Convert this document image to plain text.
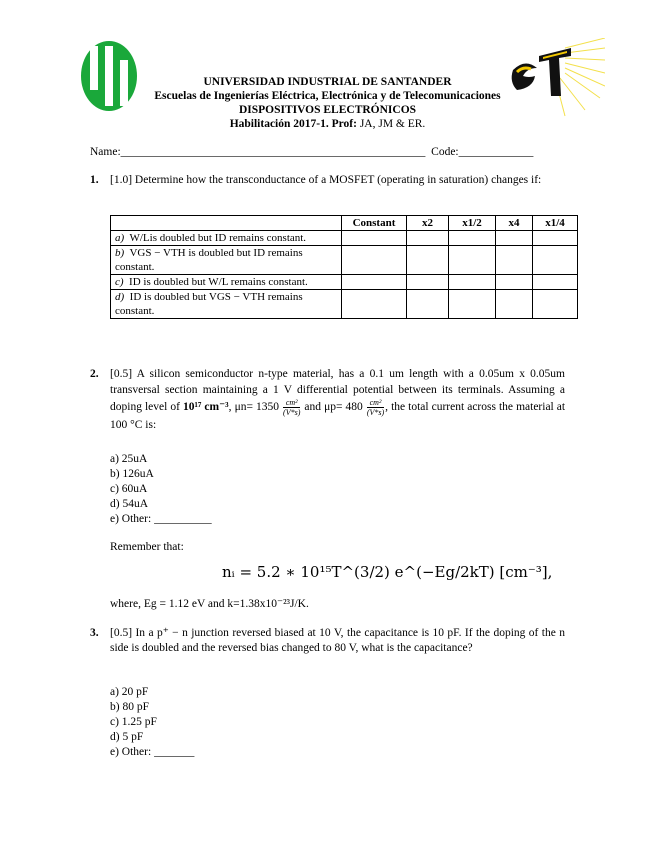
UNIVERSIDAD INDUSTRIAL DE SANTANDER
Escuelas de Ingenierías Eléctrica, Electrónica y de Telecomunicaciones
DISPOSITIVOS ELECTRÓNICOS
Habilitación 2017-1. Prof: JA, JM & ER.
Name:_____________________________________________________ Code:_____________
1. [1.0] Determine how the transconductance of a MOSFET (operating in saturation) changes if:
	Constant	x2	x1/2	x4	x1/4
a) W/Lis doubled but ID remains constant.					
b) VGS − VTH is doubled but ID remains constant.					
c) ID is doubled but W/L remains constant.					
d) ID is doubled but VGS − VTH remains constant.					
2. [0.5] A silicon semiconductor n-type material, has a 0.1 um length with a 0.05um x 0.05um transversal section maintaining a 1 V differential potential between its terminals. Assuming a doping level of 10¹⁷ cm⁻³, $\mu n= 1350 \frac{\text{cm²}}{(V*s)}$ and $\mu p= 480 \frac{\text{cm²}}{(V*s)}$ , the total current across the material at 100 °C is:
a) 25uA
b) 126uA
c) 60uA
d) 54uA
e) Other: __________
Remember that:
nᵢ = 5.2 ∗ 10¹⁵T^(3/2) e^(−Eg/2kT) [cm⁻³],
where, Eg = 1.12 eV and k=1.38x10⁻²³J/K.
3. [0.5] In a p⁺ − n junction reversed biased at 10 V, the capacitance is 10 pF. If the doping of the n side is doubled and the reversed bias changed to 80 V, what is the capacitance?
a) 20 pF
b) 80 pF
c) 1.25 pF
d) 5 pF
e) Other: _______
